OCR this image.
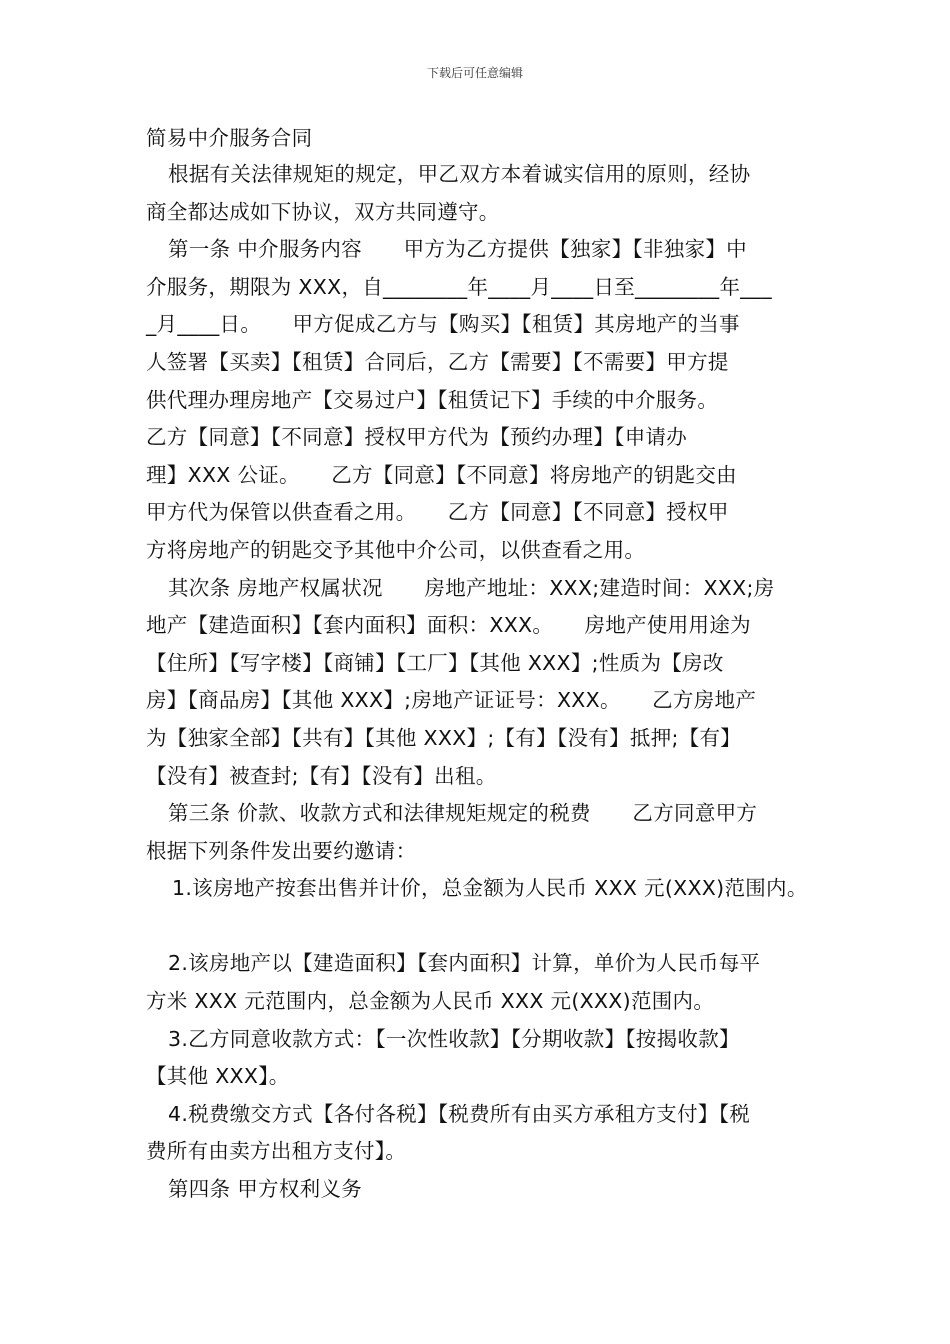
下载后可任意编辑
简易中介服务合同
根据有关法律规矩的规定，甲乙双方本着诚实信用的原则，经协
商全都达成如下协议，双方共同遵守。
第一条 中介服务内容　　甲方为乙方提供【独家】【非独家】中
介服务，期限为 XXX，自________年____月____日至________年___
_月____日。　　甲方促成乙方与【购买】【租赁】其房地产的当事
人签署【买卖】【租赁】合同后，乙方【需要】【不需要】甲方提
供代理办理房地产【交易过户】【租赁记下】手续的中介服务。
乙方【同意】【不同意】授权甲方代为【预约办理】【申请办
理】XXX 公证。　　乙方【同意】【不同意】将房地产的钥匙交由
甲方代为保管以供查看之用。　　乙方【同意】【不同意】授权甲
方将房地产的钥匙交予其他中介公司，以供查看之用。
其次条 房地产权属状况　　房地产地址：XXX;建造时间：XXX;房
地产【建造面积】【套内面积】面积：XXX。　　房地产使用用途为
【住所】【写字楼】【商铺】【工厂】【其他 XXX】;性质为【房改
房】【商品房】【其他 XXX】;房地产证证号：XXX。　　乙方房地产
为【独家全部】【共有】【其他 XXX】;【有】【没有】抵押;【有】
【没有】被查封;【有】【没有】出租。
第三条 价款、收款方式和法律规矩规定的税费　　乙方同意甲方
根据下列条件发出要约邀请：
1.该房地产按套出售并计价，总金额为人民币 XXX 元(XXX)范围内。
2.该房地产以【建造面积】【套内面积】计算，单价为人民币每平
方米 XXX 元范围内，总金额为人民币 XXX 元(XXX)范围内。
3.乙方同意收款方式：【一次性收款】【分期收款】【按揭收款】
【其他 XXX】。
4.税费缴交方式【各付各税】【税费所有由买方承租方支付】【税
费所有由卖方出租方支付】。
第四条 甲方权利义务
